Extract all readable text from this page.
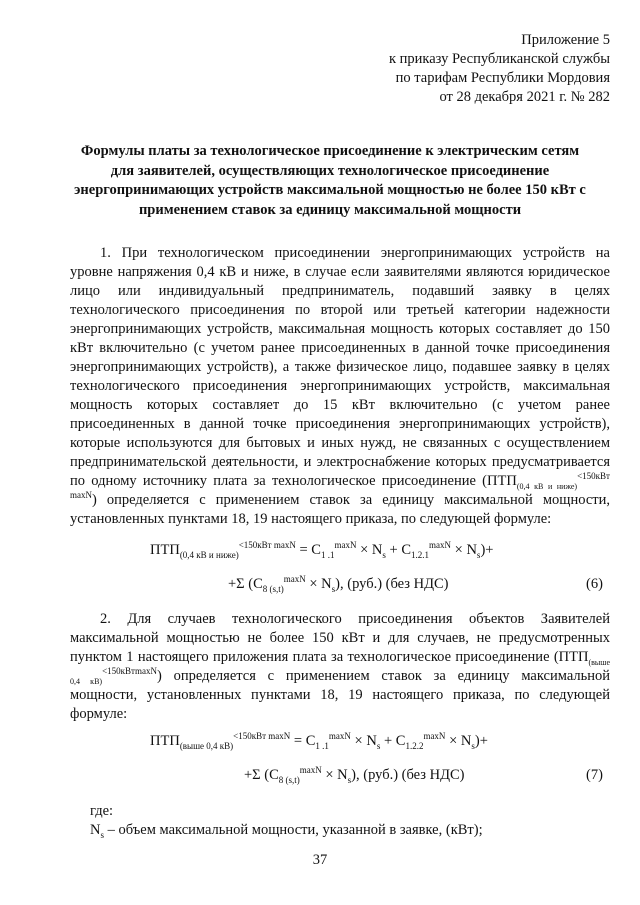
Приложение 5
к приказу Республиканской службы
по тарифам Республики Мордовия
от 28 декабря 2021 г. № 282
Формулы платы за технологическое присоединение к электрическим сетям
для заявителей, осуществляющих технологическое присоединение
энергопринимающих устройств максимальной мощностью не более 150 кВт с
применением ставок за единицу максимальной мощности
1. При технологическом присоединении энергопринимающих устройств на уровне напряжения 0,4 кВ и ниже, в случае если заявителями являются юридическое лицо или индивидуальный предприниматель, подавший заявку в целях технологического присоединения по второй или третьей категории надежности энергопринимающих устройств, максимальная мощность которых составляет до 150 кВт включительно (с учетом ранее присоединенных в данной точке присоединения энергопринимающих устройств), а также физическое лицо, подавшее заявку в целях технологического присоединения энергопринимающих устройств, максимальная мощность которых составляет до 15 кВт включительно (с учетом ранее присоединенных в данной точке присоединения энергопринимающих устройств), которые используются для бытовых и иных нужд, не связанных с осуществлением предпринимательской деятельности, и электроснабжение которых предусматривается по одному источнику плата за технологическое присоединение $(ПТП_{(0,4 кВ и ниже)}^{<150кВт maxN})$ определяется с применением ставок за единицу максимальной мощности, установленных пунктами 18, 19 настоящего приказа, по следующей формуле:
$ПТП_{(0,4 кВ и ниже)}^{<150кВт maxN} = С_{1 .1}^{maxN} \times N_s + С_{1.2.1}^{maxN} \times N_s)+$
+Σ $(С_{8 (s,t)}^{maxN} \times N_s)$, (руб.) (без НДС)	(6)
2. Для случаев технологического присоединения объектов Заявителей максимальной мощностью не более 150 кВт и для случаев, не предусмотренных пунктом 1 настоящего приложения плата за технологическое присоединение $(ПТП_{(выше 0,4 кВ)}^{<150кВтmaxN})$ определяется с применением ставок за единицу максимальной мощности, установленных пунктами 18, 19 настоящего приказа, по следующей формуле:
$ПТП_{(выше 0,4 кВ)}^{<150кВт maxN} = С_{1 .1}^{maxN} \times N_s + С_{1.2.2}^{maxN} \times N_s)+$
+Σ $(С_{8 (s,t)}^{maxN} \times N_s)$, (руб.) (без НДС)	(7)
где:
$N_s$ – объем максимальной мощности, указанной в заявке, (кВт);
37
